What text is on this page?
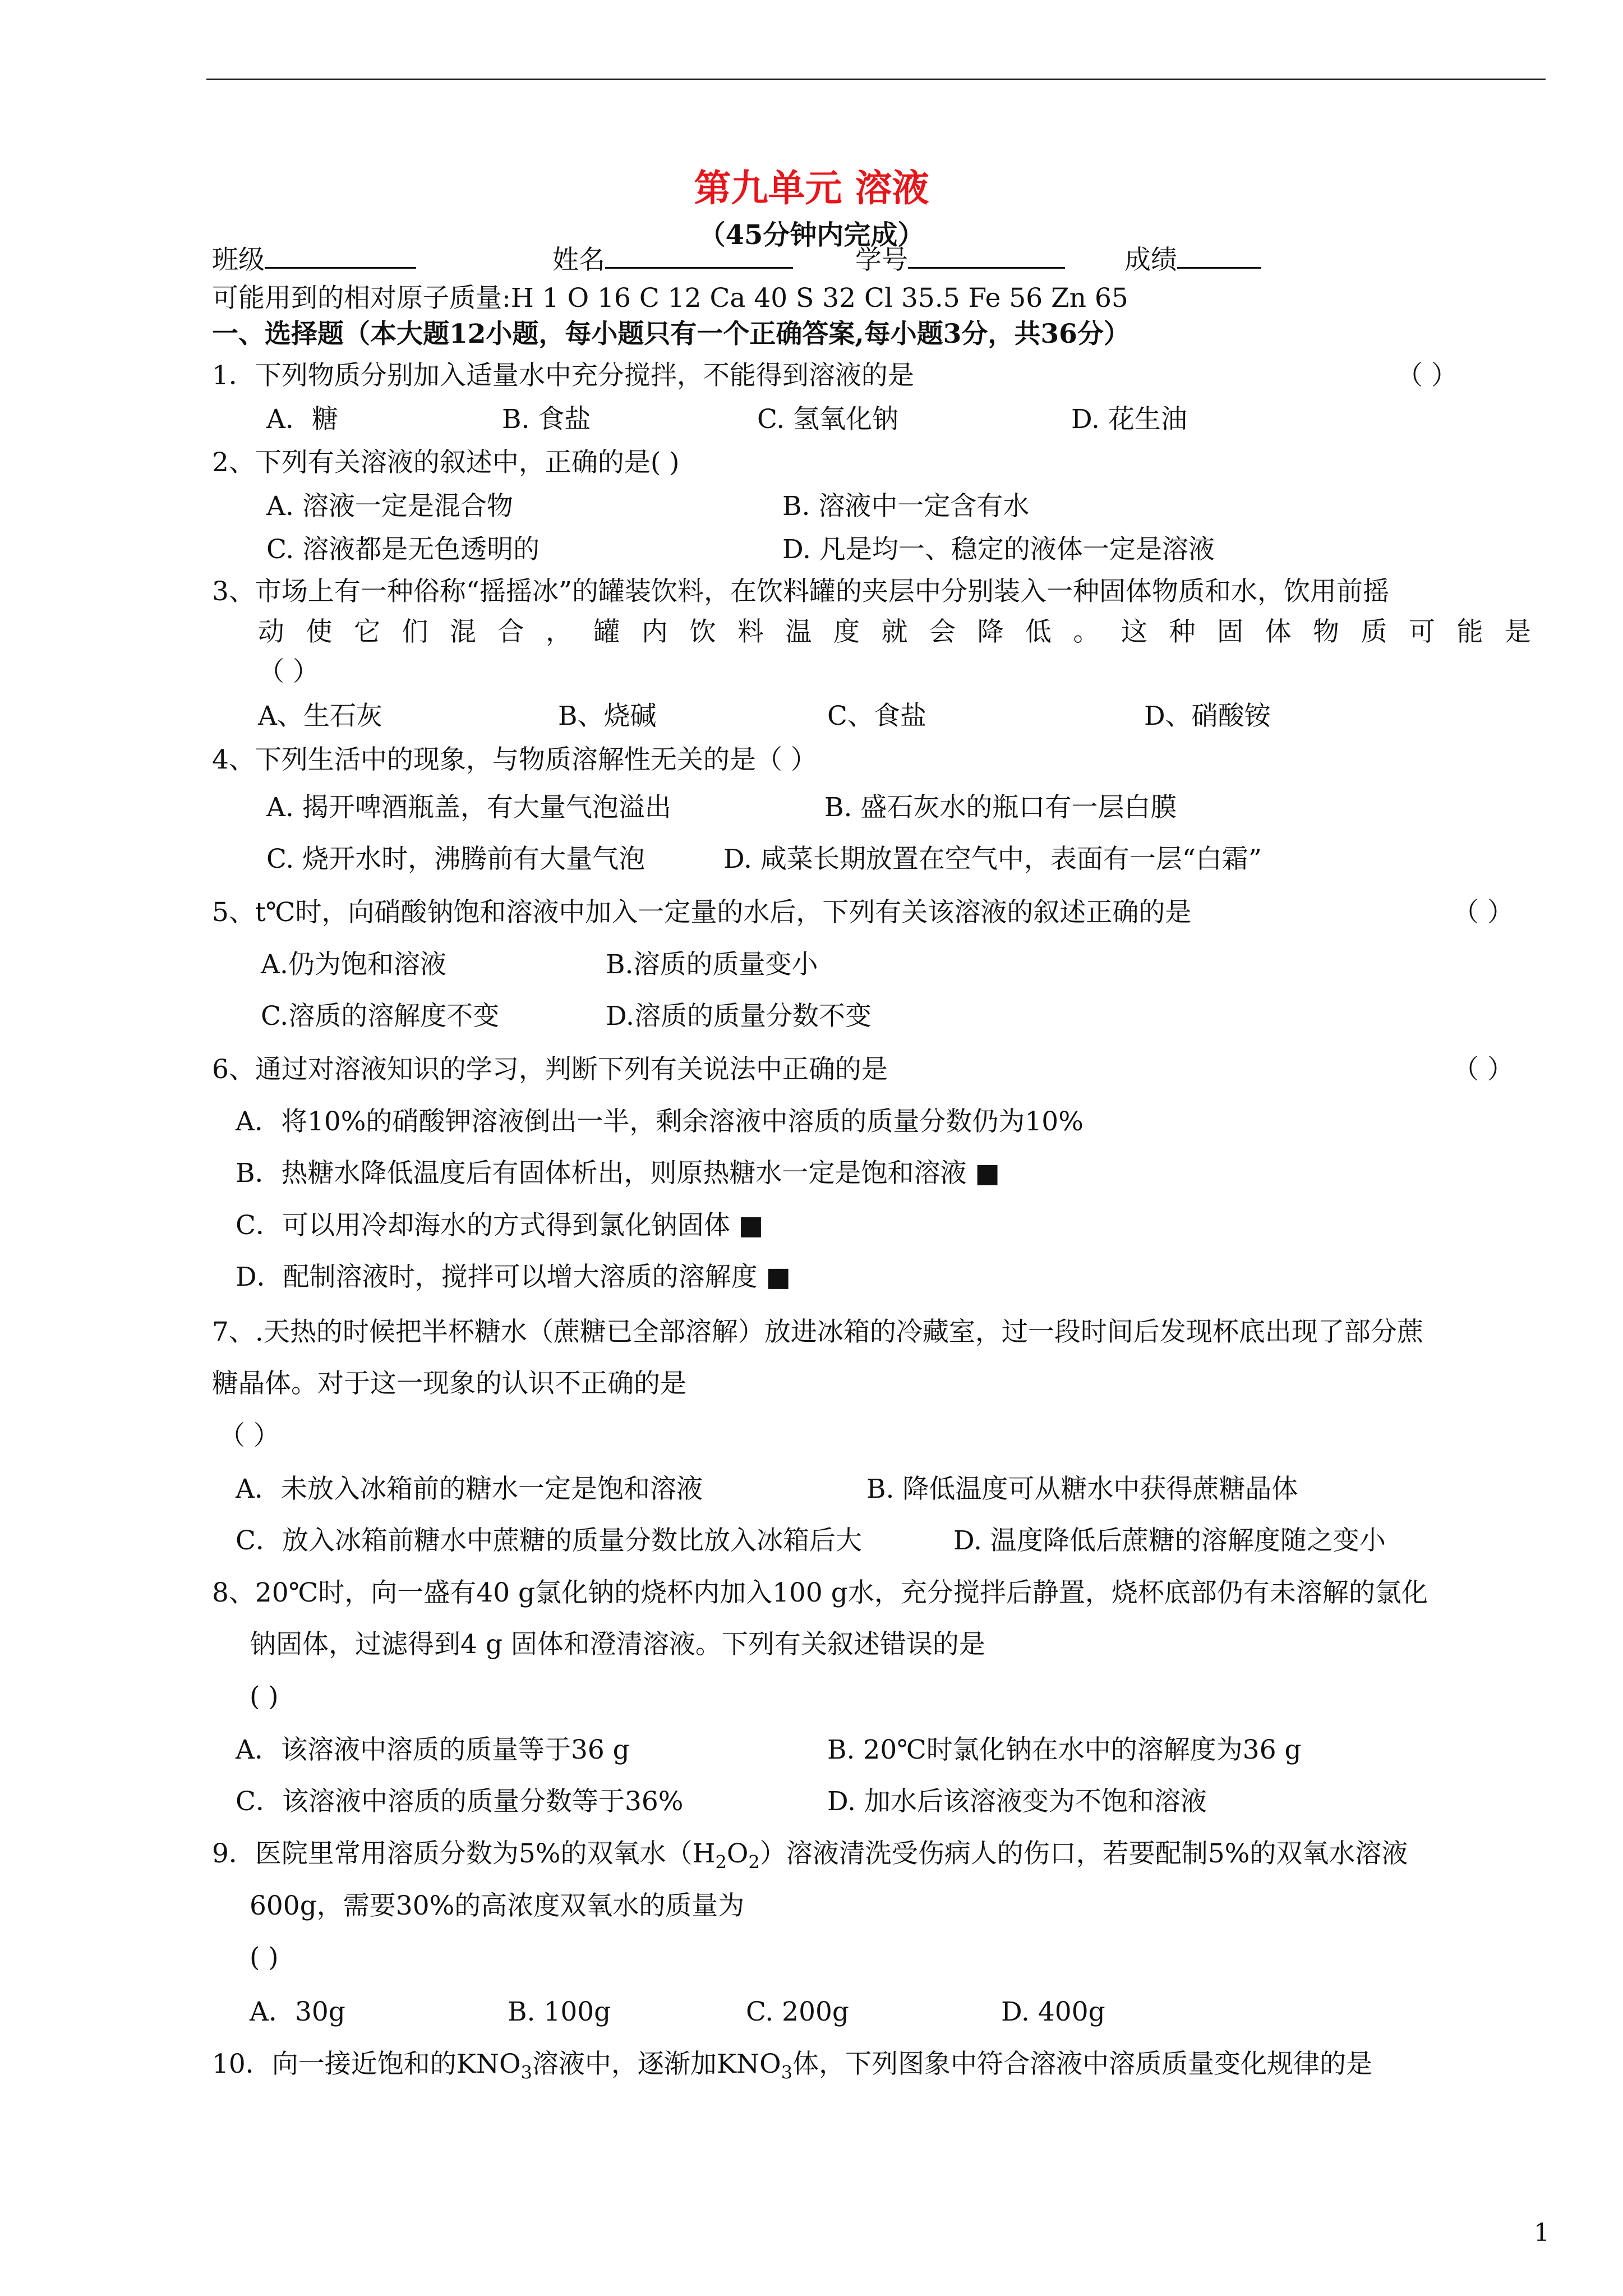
第九单元 溶液
（45分钟内完成）
班级	姓名	学号	成绩
可能用到的相对原子质量:H 1 O 16 C 12 Ca 40 S 32 Cl 35.5 Fe 56 Zn 65
一、选择题（本大题12小题，每小题只有一个正确答案,每小题3分，共36分）
1．下列物质分别加入适量水中充分搅拌，不能得到溶液的是	（ ）
A．糖	B. 食盐	C. 氢氧化钠	D. 花生油
2、下列有关溶液的叙述中，正确的是( )
A. 溶液一定是混合物	B. 溶液中一定含有水
C. 溶液都是无色透明的	D. 凡是均一、稳定的液体一定是溶液
3、市场上有一种俗称“摇摇冰”的罐装饮料，在饮料罐的夹层中分别装入一种固体物质和水，饮用前摇
动使它们混合，罐内饮料温度就会降低。这种固体物质可能是
（ ）
A、生石灰	B、烧碱	C、食盐	D、硝酸铵
4、下列生活中的现象，与物质溶解性无关的是（ ）
A. 揭开啤酒瓶盖，有大量气泡溢出	B. 盛石灰水的瓶口有一层白膜
C. 烧开水时，沸腾前有大量气泡	D. 咸菜长期放置在空气中，表面有一层“白霜”
5、t℃时，向硝酸钠饱和溶液中加入一定量的水后，下列有关该溶液的叙述正确的是	（ ）
A.仍为饱和溶液	B.溶质的质量变小
C.溶质的溶解度不变	D.溶质的质量分数不变
6、通过对溶液知识的学习，判断下列有关说法中正确的是	（ ）
A．将10%的硝酸钾溶液倒出一半，剩余溶液中溶质的质量分数仍为10%
B．热糖水降低温度后有固体析出，则原热糖水一定是饱和溶液 ■
C．可以用冷却海水的方式得到氯化钠固体 ■
D．配制溶液时，搅拌可以增大溶质的溶解度 ■
7、.天热的时候把半杯糖水（蔗糖已全部溶解）放进冰箱的冷藏室，过一段时间后发现杯底出现了部分蔗
糖晶体。对于这一现象的认识不正确的是
（ ）
A．未放入冰箱前的糖水一定是饱和溶液	B. 降低温度可从糖水中获得蔗糖晶体
C．放入冰箱前糖水中蔗糖的质量分数比放入冰箱后大	D. 温度降低后蔗糖的溶解度随之变小
8、20℃时，向一盛有40 g氯化钠的烧杯内加入100 g水，充分搅拌后静置，烧杯底部仍有未溶解的氯化
钠固体，过滤得到4 g 固体和澄清溶液。下列有关叙述错误的是
( )
A．该溶液中溶质的质量等于36 g	B. 20℃时氯化钠在水中的溶解度为36 g
C．该溶液中溶质的质量分数等于36%	D. 加水后该溶液变为不饱和溶液
9．医院里常用溶质分数为5%的双氧水$(H_2O_2)$溶液清洗受伤病人的伤口，若要配制5%的双氧水溶液
600g，需要30%的高浓度双氧水的质量为
( )
A．30g	B. 100g	C. 200g	D. 400g
10．向一接近饱和的$KNO_3$溶液中，逐渐加$KNO_3$体，下列图象中符合溶液中溶质质量变化规律的是
1
